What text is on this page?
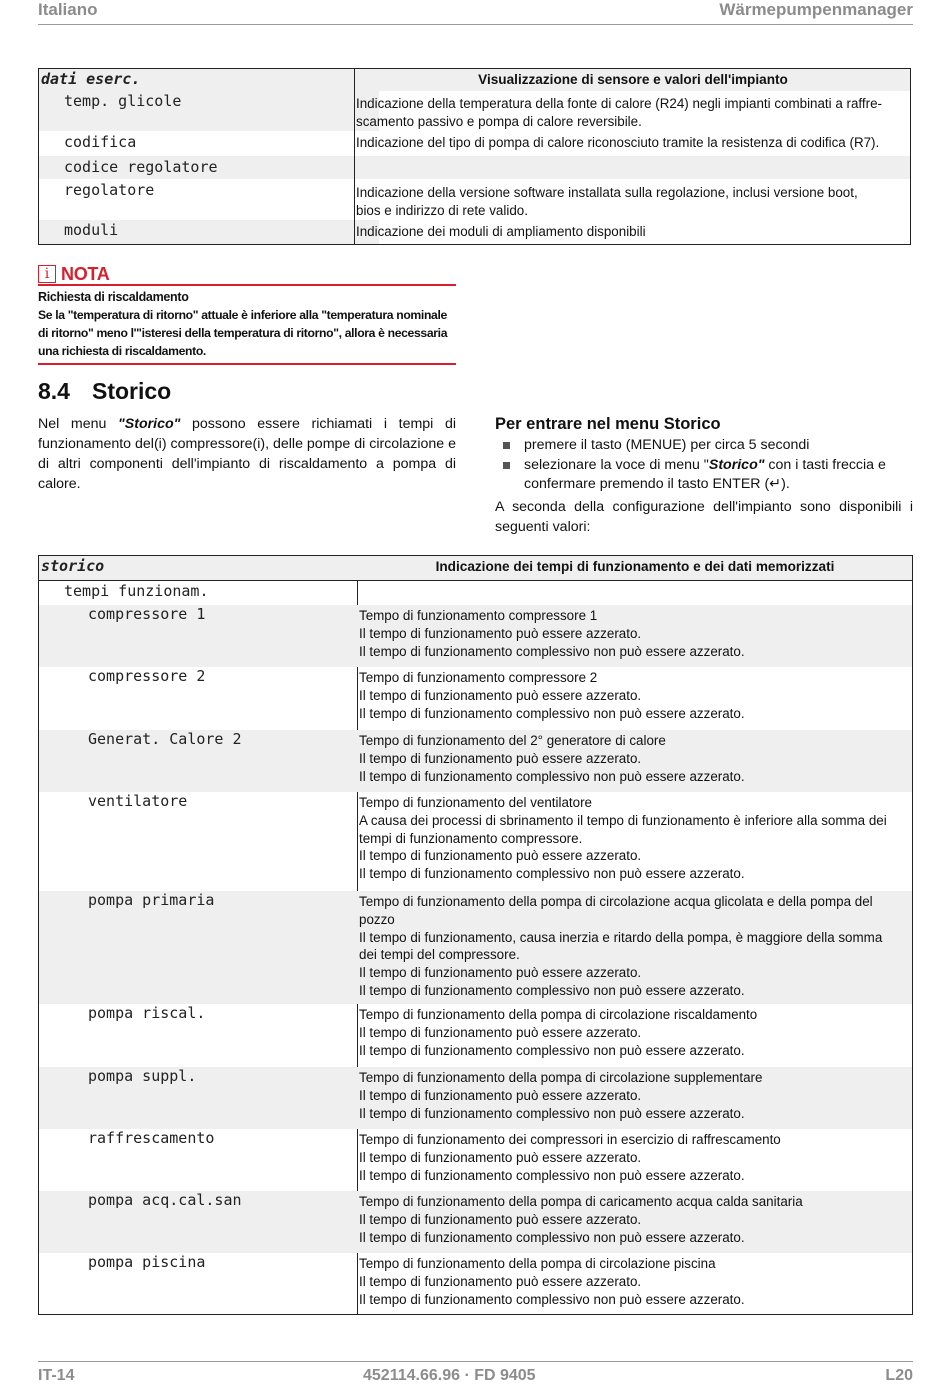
Italiano	Wärmepumpenmanager
dati eserc.	Visualizzazione di sensore e valori dell'impianto
temp. glicole	Indicazione della temperatura della fonte di calore (R24) negli impianti combinati a raffre-
scamento passivo e pompa di calore reversibile.
codifica	Indicazione del tipo di pompa di calore riconosciuto tramite la resistenza di codifica (R7).
codice regolatore
regolatore	Indicazione della versione software installata sulla regolazione, inclusi versione boot,
bios e indirizzo di rete valido.
moduli	Indicazione dei moduli di ampliamento disponibili
i NOTA
Richiesta di riscaldamento
Se la "temperatura di ritorno" attuale è inferiore alla "temperatura nominale di ritorno" meno l'"isteresi della temperatura di ritorno", allora è necessaria una richiesta di riscaldamento.
8.4 Storico
Nel menu "Storico" possono essere richiamati i tempi di funzionamento del(i) compressore(i), delle pompe di circolazione e di altri componenti dell'impianto di riscaldamento a pompa di calore.
Per entrare nel menu Storico
premere il tasto (MENUE) per circa 5 secondi
selezionare la voce di menu "Storico" con i tasti freccia e confermare premendo il tasto ENTER (↵).
A seconda della configurazione dell'impianto sono disponibili i seguenti valori:
storico	Indicazione dei tempi di funzionamento e dei dati memorizzati
tempi funzionam.
compressore 1	Tempo di funzionamento compressore 1
Il tempo di funzionamento può essere azzerato.
Il tempo di funzionamento complessivo non può essere azzerato.
compressore 2	Tempo di funzionamento compressore 2
Il tempo di funzionamento può essere azzerato.
Il tempo di funzionamento complessivo non può essere azzerato.
Generat. Calore 2	Tempo di funzionamento del 2° generatore di calore
Il tempo di funzionamento può essere azzerato.
Il tempo di funzionamento complessivo non può essere azzerato.
ventilatore	Tempo di funzionamento del ventilatore
A causa dei processi di sbrinamento il tempo di funzionamento è inferiore alla somma dei
tempi di funzionamento compressore.
Il tempo di funzionamento può essere azzerato.
Il tempo di funzionamento complessivo non può essere azzerato.
pompa primaria	Tempo di funzionamento della pompa di circolazione acqua glicolata e della pompa del
pozzo
Il tempo di funzionamento, causa inerzia e ritardo della pompa, è maggiore della somma
dei tempi del compressore.
Il tempo di funzionamento può essere azzerato.
Il tempo di funzionamento complessivo non può essere azzerato.
pompa riscal.	Tempo di funzionamento della pompa di circolazione riscaldamento
Il tempo di funzionamento può essere azzerato.
Il tempo di funzionamento complessivo non può essere azzerato.
pompa suppl.	Tempo di funzionamento della pompa di circolazione supplementare
Il tempo di funzionamento può essere azzerato.
Il tempo di funzionamento complessivo non può essere azzerato.
raffrescamento	Tempo di funzionamento dei compressori in esercizio di raffrescamento
Il tempo di funzionamento può essere azzerato.
Il tempo di funzionamento complessivo non può essere azzerato.
pompa acq.cal.san	Tempo di funzionamento della pompa di caricamento acqua calda sanitaria
Il tempo di funzionamento può essere azzerato.
Il tempo di funzionamento complessivo non può essere azzerato.
pompa piscina	Tempo di funzionamento della pompa di circolazione piscina
Il tempo di funzionamento può essere azzerato.
Il tempo di funzionamento complessivo non può essere azzerato.
IT-14	452114.66.96 · FD 9405	L20
